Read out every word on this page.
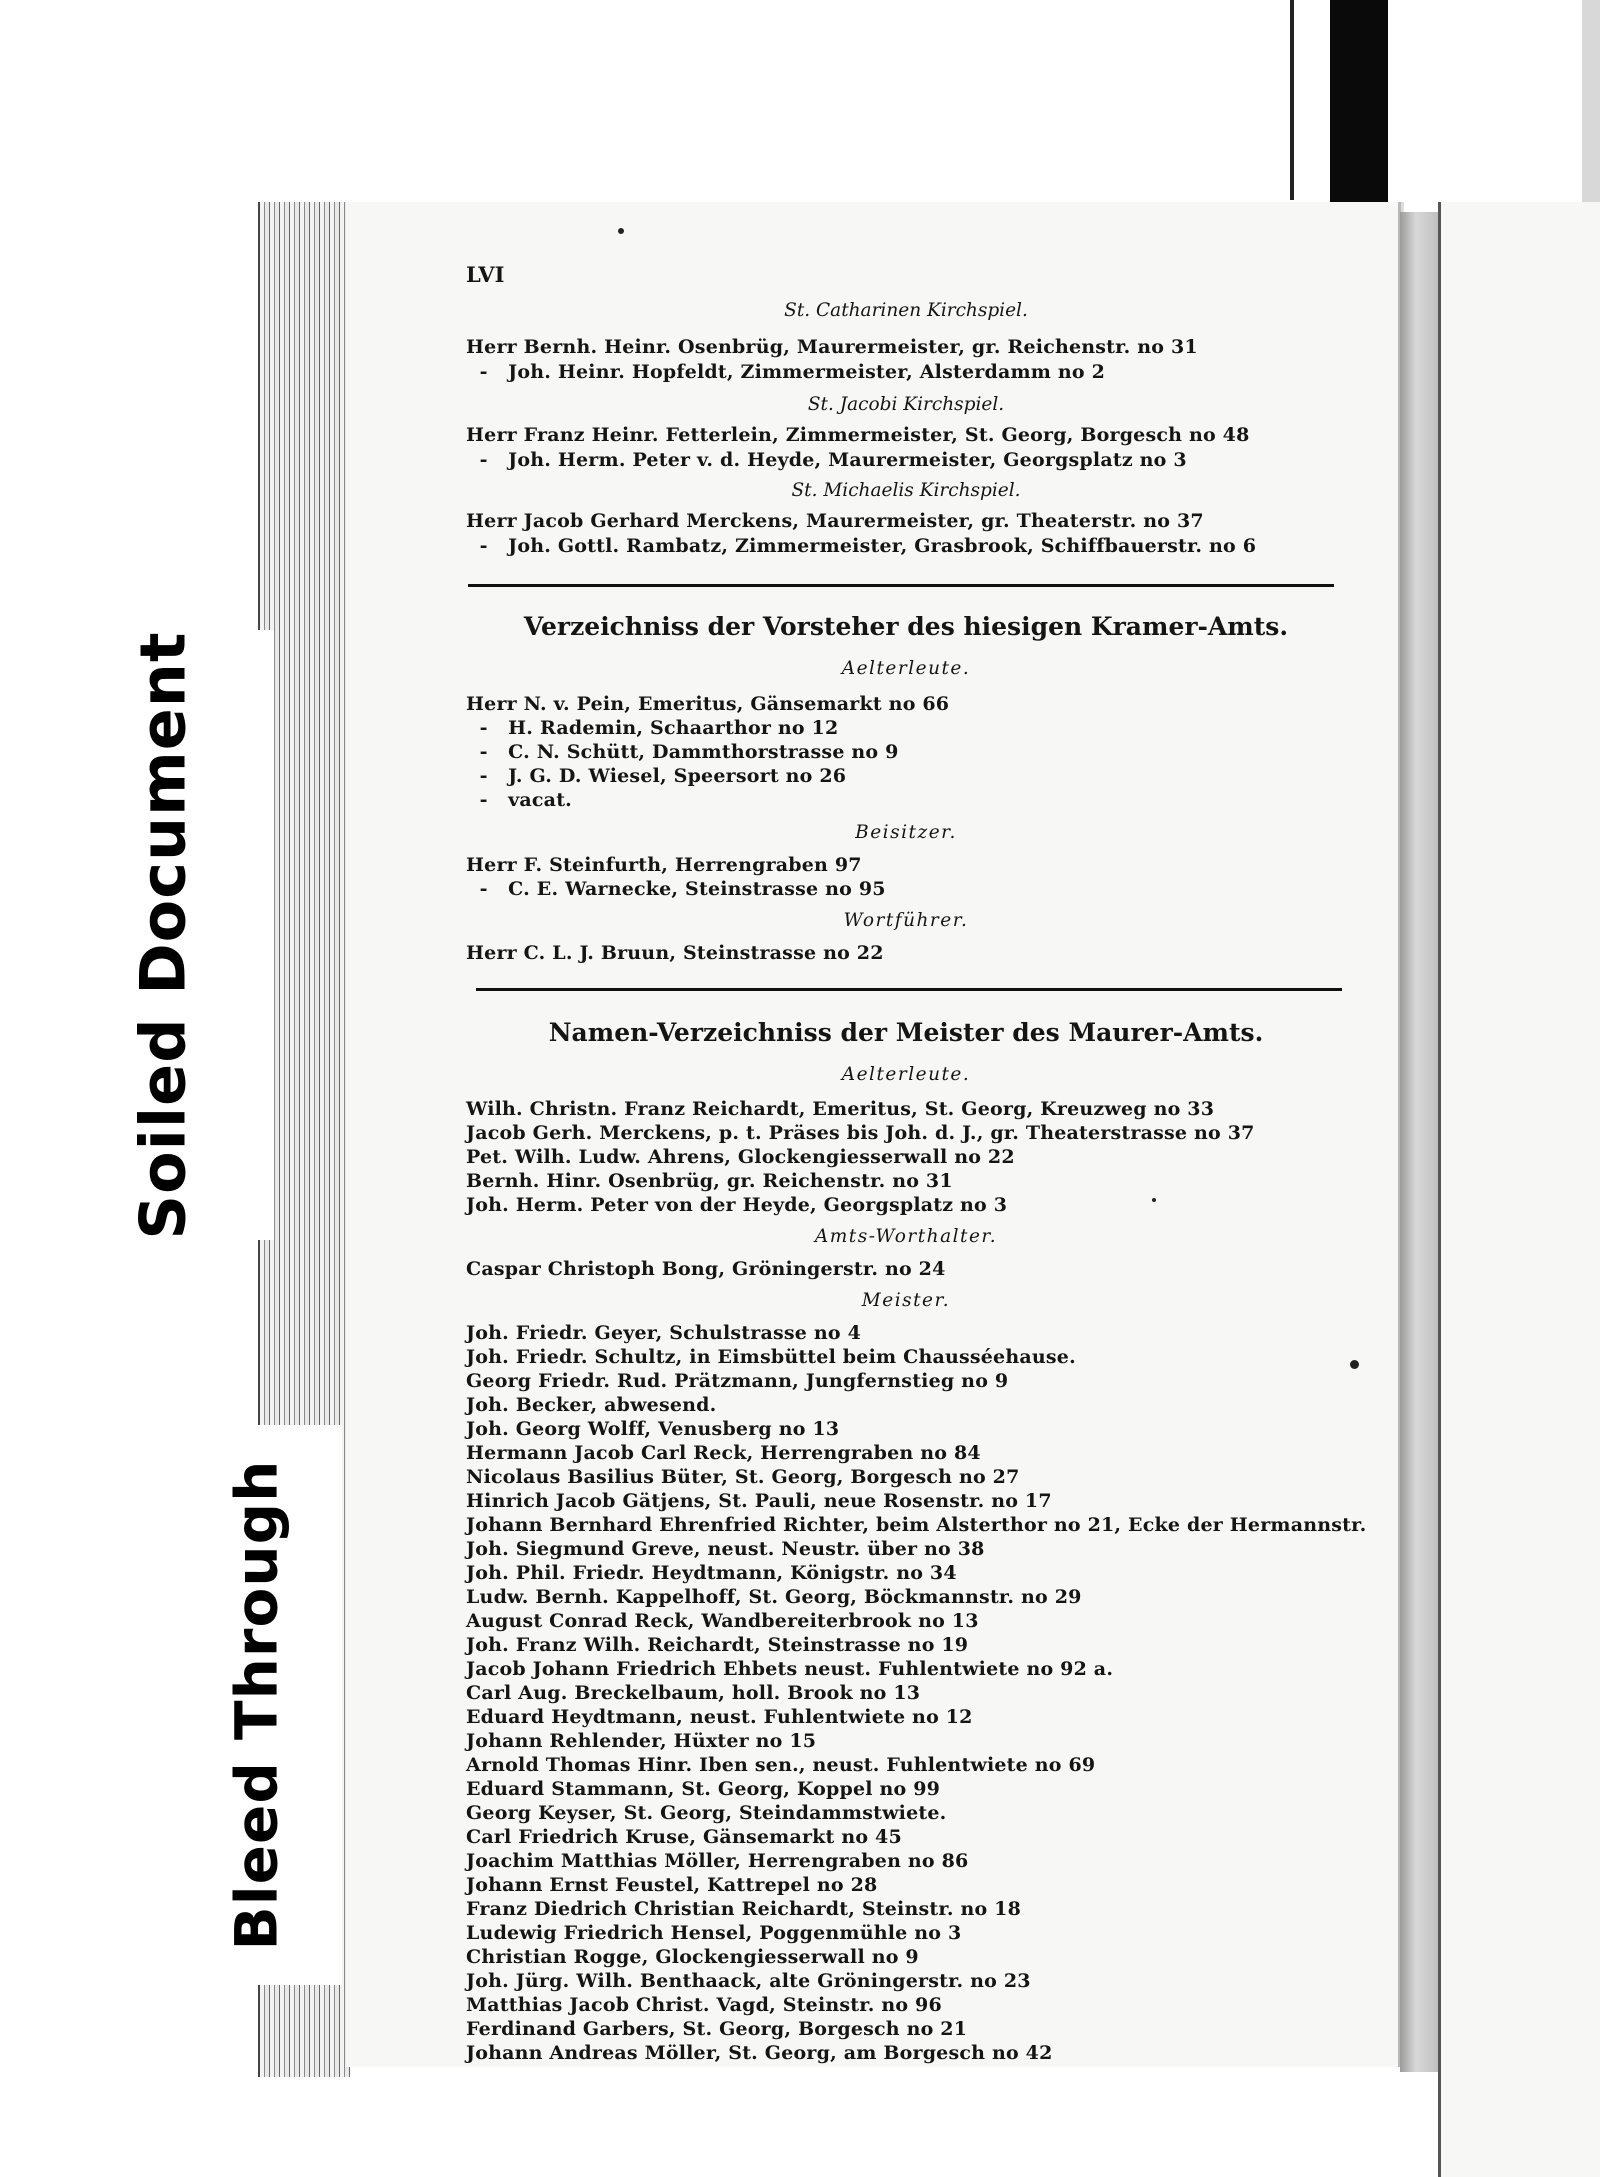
Soiled Document
Bleed Through
LVI
St. Catharinen Kirchspiel.
Herr Bernh. Heinr. Osenbrüg, Maurermeister, gr. Reichenstr. no 31
-   Joh. Heinr. Hopfeldt, Zimmermeister, Alsterdamm no 2
St. Jacobi Kirchspiel.
Herr Franz Heinr. Fetterlein, Zimmermeister, St. Georg, Borgesch no 48
-   Joh. Herm. Peter v. d. Heyde, Maurermeister, Georgsplatz no 3
St. Michaelis Kirchspiel.
Herr Jacob Gerhard Merckens, Maurermeister, gr. Theaterstr. no 37
-   Joh. Gottl. Rambatz, Zimmermeister, Grasbrook, Schiffbauerstr. no 6
Verzeichniss der Vorsteher des hiesigen Kramer-Amts.
Aelterleute.
Herr N. v. Pein, Emeritus, Gänsemarkt no 66
-   H. Rademin, Schaarthor no 12
-   C. N. Schütt, Dammthorstrasse no 9
-   J. G. D. Wiesel, Speersort no 26
-   vacat.
Beisitzer.
Herr F. Steinfurth, Herrengraben 97
-   C. E. Warnecke, Steinstrasse no 95
Wortführer.
Herr C. L. J. Bruun, Steinstrasse no 22
Namen-Verzeichniss der Meister des Maurer-Amts.
Aelterleute.
Wilh. Christn. Franz Reichardt, Emeritus, St. Georg, Kreuzweg no 33
Jacob Gerh. Merckens, p. t. Präses bis Joh. d. J., gr. Theaterstrasse no 37
Pet. Wilh. Ludw. Ahrens, Glockengiesserwall no 22
Bernh. Hinr. Osenbrüg, gr. Reichenstr. no 31
Joh. Herm. Peter von der Heyde, Georgsplatz no 3
Amts-Worthalter.
Caspar Christoph Bong, Gröningerstr. no 24
Meister.
Joh. Friedr. Geyer, Schulstrasse no 4
Joh. Friedr. Schultz, in Eimsbüttel beim Chausséehause.
Georg Friedr. Rud. Prätzmann, Jungfernstieg no 9
Joh. Becker, abwesend.
Joh. Georg Wolff, Venusberg no 13
Hermann Jacob Carl Reck, Herrengraben no 84
Nicolaus Basilius Büter, St. Georg, Borgesch no 27
Hinrich Jacob Gätjens, St. Pauli, neue Rosenstr. no 17
Johann Bernhard Ehrenfried Richter, beim Alsterthor no 21, Ecke der Hermannstr.
Joh. Siegmund Greve, neust. Neustr. über no 38
Joh. Phil. Friedr. Heydtmann, Königstr. no 34
Ludw. Bernh. Kappelhoff, St. Georg, Böckmannstr. no 29
August Conrad Reck, Wandbereiterbrook no 13
Joh. Franz Wilh. Reichardt, Steinstrasse no 19
Jacob Johann Friedrich Ehbets neust. Fuhlentwiete no 92 a.
Carl Aug. Breckelbaum, holl. Brook no 13
Eduard Heydtmann, neust. Fuhlentwiete no 12
Johann Rehlender, Hüxter no 15
Arnold Thomas Hinr. Iben sen., neust. Fuhlentwiete no 69
Eduard Stammann, St. Georg, Koppel no 99
Georg Keyser, St. Georg, Steindammstwiete.
Carl Friedrich Kruse, Gänsemarkt no 45
Joachim Matthias Möller, Herrengraben no 86
Johann Ernst Feustel, Kattrepel no 28
Franz Diedrich Christian Reichardt, Steinstr. no 18
Ludewig Friedrich Hensel, Poggenmühle no 3
Christian Rogge, Glockengiesserwall no 9
Joh. Jürg. Wilh. Benthaack, alte Gröningerstr. no 23
Matthias Jacob Christ. Vagd, Steinstr. no 96
Ferdinand Garbers, St. Georg, Borgesch no 21
Johann Andreas Möller, St. Georg, am Borgesch no 42
